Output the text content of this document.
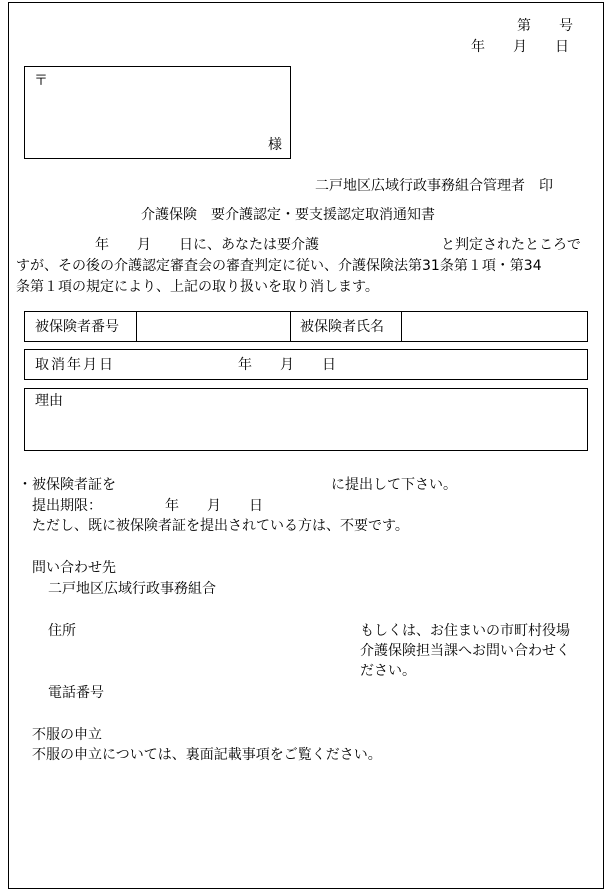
第　　号
年　　月　　日
〒
様
二戸地区広域行政事務組合管理者　印
介護保険　要介護認定・要支援認定取消通知書
年　　月　　日に、あなたは要介護	と判定されたところで
すが、その後の介護認定審査会の審査判定に従い、介護保険法第31条第１項・第34
条第１項の規定により、上記の取り扱いを取り消します。
被保険者番号	被保険者氏名
取消年月日	年　　月　　日
理由
・被保険者証を	に提出して下さい。
提出期限：　　　　　年　　月　　日
ただし、既に被保険者証を提出されている方は、不要です。
問い合わせ先
二戸地区広域行政事務組合
住所	もしくは、お住まいの市町村役場
介護保険担当課へお問い合わせく
ださい。
電話番号
不服の申立
不服の申立については、裏面記載事項をご覧ください。
